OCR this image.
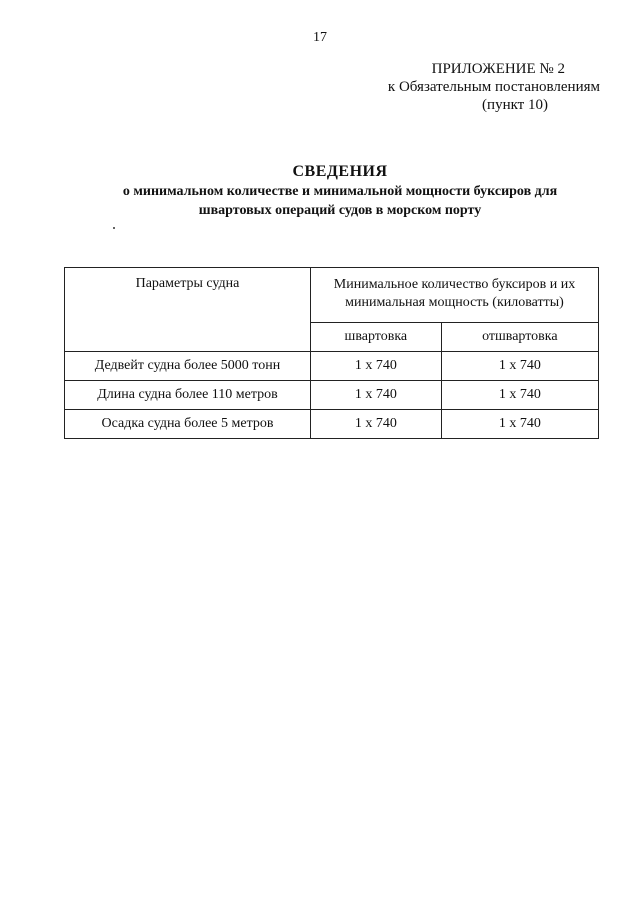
17
ПРИЛОЖЕНИЕ № 2
к Обязательным постановлениям
(пункт 10)
СВЕДЕНИЯ
о минимальном количестве и минимальной мощности буксиров для
швартовых операций судов в морском порту
Параметры судна	Минимальное количество буксиров и их минимальная мощность (киловатты)	
	швартовка	отшвартовка
Дедвейт судна более 5000 тонн	1 x 740	1 x 740
Длина судна более 110 метров	1 x 740	1 x 740
Осадка судна более 5 метров	1 x 740	1 x 740
